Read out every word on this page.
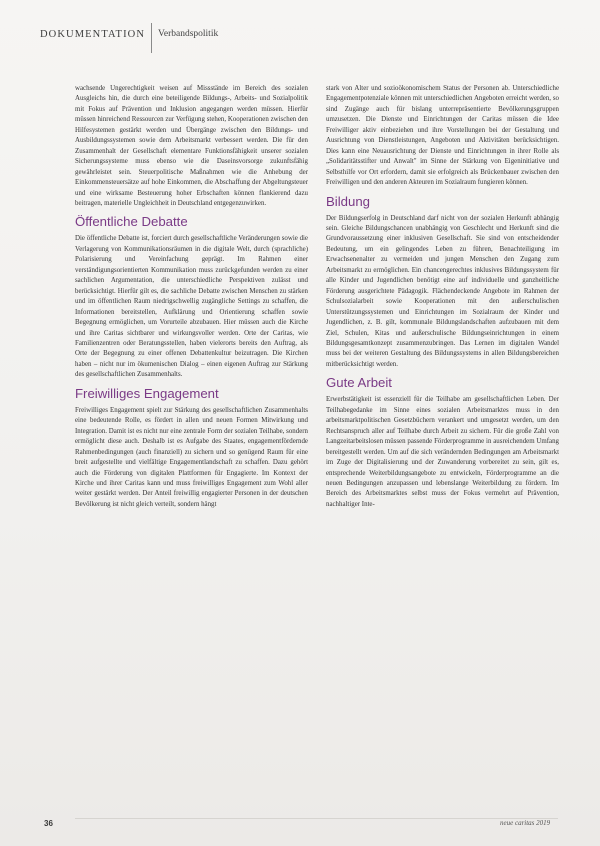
DOKUMENTATION Verbandspolitik

wachsende Ungerechtigkeit weisen auf Missstände im Bereich des sozialen Ausgleichs hin, die durch eine beteiligende Bildungs-, Arbeits- und Sozialpolitik mit Fokus auf Prävention und Inklusion angegangen werden müssen. Hierfür müssen hinreichend Ressourcen zur Verfügung stehen, Kooperationen zwischen den Hilfesystemen gestärkt werden und Übergänge zwischen den Bildungs- und Ausbildungssystemen sowie dem Arbeitsmarkt verbessert werden. Die für den Zusammenhalt der Gesellschaft elementare Funktionsfähigkeit unserer sozialen Sicherungssysteme muss ebenso wie die Daseinsvorsorge zukunftsfähig gewährleistet sein. Steuerpolitische Maßnahmen wie die Anhebung der Einkommensteuersätze auf hohe Einkommen, die Abschaffung der Abgeltungsteuer und eine wirksame Besteuerung hoher Erbschaften können flankierend dazu beitragen, materielle Ungleichheit in Deutschland entgegenzuwirken.

Öffentliche Debatte

Die öffentliche Debatte ist, forciert durch gesellschaftliche Veränderungen sowie die Verlagerung von Kommunikationsräumen in die digitale Welt, durch (sprachliche) Polarisierung und Vereinfachung geprägt. Im Rahmen einer verständigungsorientierten Kommunikation muss zurückgefunden werden zu einer sachlichen Argumentation, die unterschiedliche Perspektiven zulässt und berücksichtigt. Hierfür gilt es, die sachliche Debatte zwischen Menschen zu stärken und im öffentlichen Raum niedrigschwellig zugängliche Settings zu schaffen, die Informationen bereitstellen, Aufklärung und Orientierung schaffen sowie Begegnung ermöglichen, um Vorurteile abzubauen. Hier müssen auch die Kirche und ihre Caritas sichtbarer und wirkungsvoller werden. Orte der Caritas, wie Familienzentren oder Beratungsstellen, haben vielerorts bereits den Auftrag, als Orte der Begegnung zu einer offenen Debattenkultur beizutragen. Die Kirchen haben – nicht nur im ökumenischen Dialog – einen eigenen Auftrag zur Stärkung des gesellschaftlichen Zusammenhalts.

Freiwilliges Engagement

Freiwilliges Engagement spielt zur Stärkung des gesellschaftlichen Zusammenhalts eine bedeutende Rolle, es fördert in allen und neuen Formen Mitwirkung und Integration. Damit ist es nicht nur eine zentrale Form der sozialen Teilhabe, sondern ermöglicht diese auch. Deshalb ist es Aufgabe des Staates, engagementfördernde Rahmenbedingungen (auch finanziell) zu sichern und so genügend Raum für eine breit aufgestellte und vielfältige Engagementlandschaft zu schaffen. Dazu gehört auch die Förderung von digitalen Plattformen für Engagierte. Im Kontext der Kirche und ihrer Caritas kann und muss freiwilliges Engagement zum Wohl aller weiter gestärkt werden. Der Anteil freiwillig engagierter Personen in der deutschen Bevölkerung ist nicht gleich verteilt, sondern hängt

stark von Alter und sozioökonomischem Status der Personen ab. Unterschiedliche Engagementpotenziale können mit unterschiedlichen Angeboten erreicht werden, so sind Zugänge auch für bislang unterrepräsentierte Bevölkerungsgruppen umzusetzen. Die Dienste und Einrichtungen der Caritas müssen die Idee Freiwilliger aktiv einbeziehen und ihre Vorstellungen bei der Gestaltung und Ausrichtung von Dienstleistungen, Angeboten und Aktivitäten berücksichtigen. Dies kann eine Neuausrichtung der Dienste und Einrichtungen in ihrer Rolle als „Solidaritätsstifter und Anwalt" im Sinne der Stärkung von Eigeninitiative und Selbsthilfe vor Ort erfordern, damit sie erfolgreich als Brückenbauer zwischen den Freiwilligen und den anderen Akteuren im Sozialraum fungieren können.

Bildung

Der Bildungserfolg in Deutschland darf nicht von der sozialen Herkunft abhängig sein. Gleiche Bildungschancen unabhängig von Geschlecht und Herkunft sind die Grundvoraussetzung einer inklusiven Gesellschaft. Sie sind von entscheidender Bedeutung, um ein gelingendes Leben zu führen, Benachteiligung im Erwachsenenalter zu vermeiden und jungen Menschen den Zugang zum Arbeitsmarkt zu ermöglichen. Ein chancengerechtes inklusives Bildungssystem für alle Kinder und Jugendlichen benötigt eine auf individuelle und ganzheitliche Förderung ausgerichtete Pädagogik. Flächendeckende Angebote im Rahmen der Schulsozialarbeit sowie Kooperationen mit den außerschulischen Unterstützungssystemen und Einrichtungen im Sozialraum der Kinder und Jugendlichen, z. B. gilt, kommunale Bildungslandschaften aufzubauen mit dem Ziel, Schulen, Kitas und außerschulische Bildungseinrichtungen in einem Bildungsgesamtkonzept zusammenzubringen. Das Lernen im digitalen Wandel muss bei der weiteren Gestaltung des Bildungssystems in allen Bildungsbereichen mitberücksichtigt werden.

Gute Arbeit

Erwerbstätigkeit ist essenziell für die Teilhabe am gesellschaftlichen Leben. Der Teilhabegedanke im Sinne eines sozialen Arbeitsmarktes muss in den arbeitsmarktpolitischen Gesetzbüchern verankert und umgesetzt werden, um den Rechtsanspruch aller auf Teilhabe durch Arbeit zu sichern. Für die große Zahl von Langzeitarbeitslosen müssen passende Förderprogramme in ausreichendem Umfang bereitgestellt werden. Um auf die sich verändernden Bedingungen am Arbeitsmarkt im Zuge der Digitalisierung und der Zuwanderung vorbereitet zu sein, gilt es, entsprechende Weiterbildungsangebote zu entwickeln, Förderprogramme an die neuen Bedingungen anzupassen und lebenslange Weiterbildung zu fördern. Im Bereich des Arbeitsmarktes selbst muss der Fokus vermehrt auf Prävention, nachhaltiger Inte-

36	neue caritas 2019
